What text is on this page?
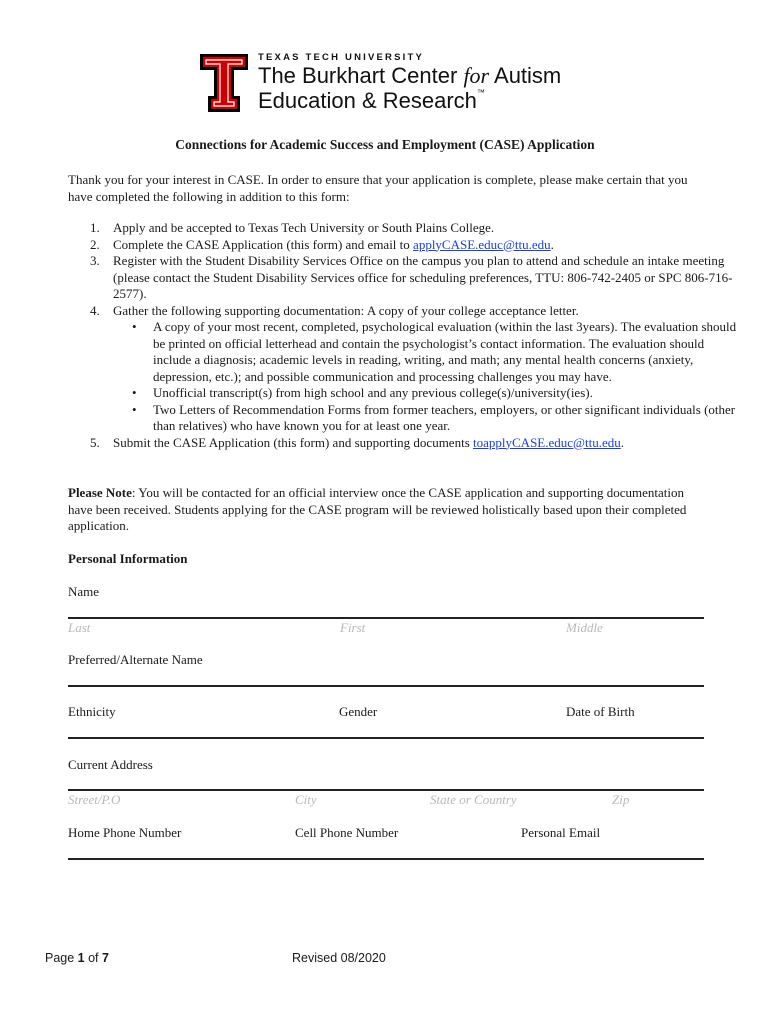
TEXAS TECH UNIVERSITY
The Burkhart Center for Autism
Education & Research™
Connections for Academic Success and Employment (CASE) Application
Thank you for your interest in CASE. In order to ensure that your application is complete, please make certain that you have completed the following in addition to this form:
1. Apply and be accepted to Texas Tech University or South Plains College.
2. Complete the CASE Application (this form) and email to applyCASE.educ@ttu.edu.
3. Register with the Student Disability Services Office on the campus you plan to attend and schedule an intake meeting (please contact the Student Disability Services office for scheduling preferences, TTU: 806-742-2405 or SPC 806-716-2577).
4. Gather the following supporting documentation: A copy of your college acceptance letter.
• A copy of your most recent, completed, psychological evaluation (within the last 3years). The evaluation should be printed on official letterhead and contain the psychologist’s contact information. The evaluation should include a diagnosis; academic levels in reading, writing, and math; any mental health concerns (anxiety, depression, etc.); and possible communication and processing challenges you may have.
• Unofficial transcript(s) from high school and any previous college(s)/university(ies).
• Two Letters of Recommendation Forms from former teachers, employers, or other significant individuals (other than relatives) who have known you for at least one year.
5. Submit the CASE Application (this form) and supporting documents toapplyCASE.educ@ttu.edu.
Please Note: You will be contacted for an official interview once the CASE application and supporting documentation have been received. Students applying for the CASE program will be reviewed holistically based upon their completed application.
Personal Information
Name
Last	First	Middle
Preferred/Alternate Name
Ethnicity	Gender	Date of Birth
Current Address
Street/P.O	City	State or Country	Zip
Home Phone Number	Cell Phone Number	Personal Email
Page 1 of 7	Revised 08/2020
